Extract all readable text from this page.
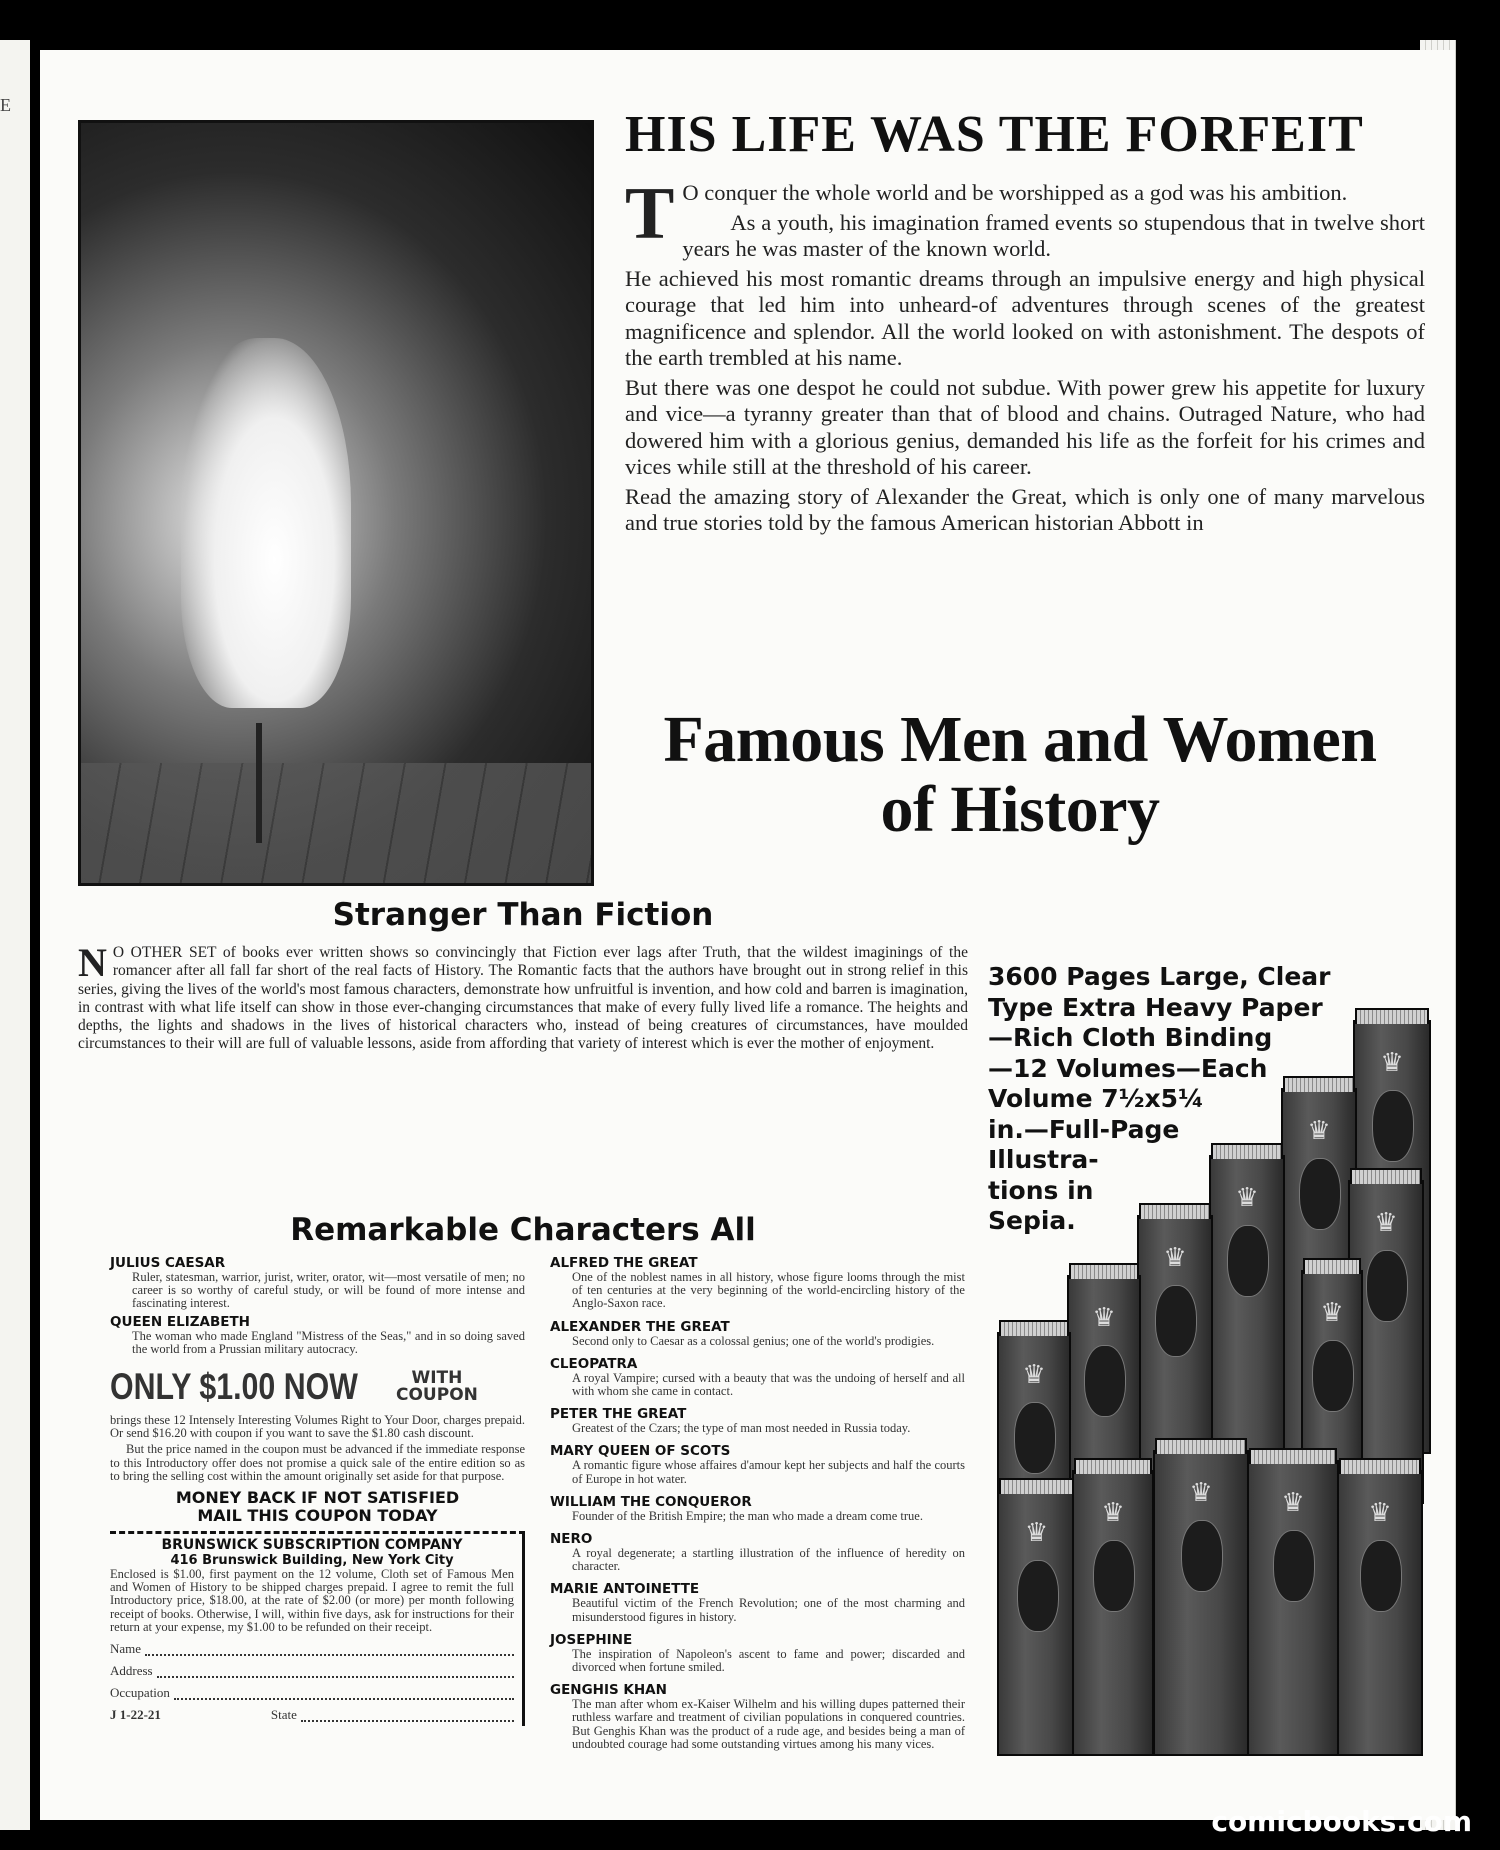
E
HIS LIFE WAS THE FORFEIT

T O conquer the whole world and be worshipped as a god was his ambition.

As a youth, his imagination framed events so stupendous that in twelve short years he was master of the known world.

He achieved his most romantic dreams through an impulsive energy and high physical courage that led him into unheard-of adventures through scenes of the greatest magnificence and splendor. All the world looked on with astonishment. The despots of the earth trembled at his name.

But there was one despot he could not subdue. With power grew his appetite for luxury and vice—a tyranny greater than that of blood and chains. Outraged Nature, who had dowered him with a glorious genius, demanded his life as the forfeit for his crimes and vices while still at the threshold of his career.

Read the amazing story of Alexander the Great, which is only one of many marvelous and true stories told by the famous American historian Abbott in

Famous Men and Women
of History
Stranger Than Fiction
N O OTHER SET of books ever written shows so convincingly that Fiction ever lags after Truth, that the wildest imaginings of the romancer after all fall far short of the real facts of History. The Romantic facts that the authors have brought out in strong relief in this series, giving the lives of the world's most famous characters, demonstrate how unfruitful is invention, and how cold and barren is imagination, in contrast with what life itself can show in those ever-changing circumstances that make of every fully lived life a romance. The heights and depths, the lights and shadows in the lives of historical characters who, instead of being creatures of circumstances, have moulded circumstances to their will are full of valuable lessons, aside from affording that variety of interest which is ever the mother of enjoyment.
Remarkable Characters All
JULIUS CAESAR
Ruler, statesman, warrior, jurist, writer, orator, wit—most versatile of men; no career is so worthy of careful study, or will be found of more intense and fascinating interest.
QUEEN ELIZABETH
The woman who made England "Mistress of the Seas," and in so doing saved the world from a Prussian military autocracy.
ONLY $1.00 NOW	WITH
COUPON
brings these 12 Intensely Interesting Volumes Right to Your Door, charges prepaid. Or send $16.20 with coupon if you want to save the $1.80 cash discount.
But the price named in the coupon must be advanced if the immediate response to this Introductory offer does not promise a quick sale of the entire edition so as to bring the selling cost within the amount originally set aside for that purpose.
MONEY BACK IF NOT SATISFIED
MAIL THIS COUPON TODAY
BRUNSWICK SUBSCRIPTION COMPANY
416 Brunswick Building, New York City
Enclosed is $1.00, first payment on the 12 volume, Cloth set of Famous Men and Women of History to be shipped charges prepaid. I agree to remit the full Introductory price, $18.00, at the rate of $2.00 (or more) per month following receipt of books. Otherwise, I will, within five days, ask for instructions for their return at your expense, my $1.00 to be refunded on their receipt.
Name
Address
Occupation
J 1-22-21	State
ALFRED THE GREAT
One of the noblest names in all history, whose figure looms through the mist of ten centuries at the very beginning of the world-encircling history of the Anglo-Saxon race.
ALEXANDER THE GREAT
Second only to Caesar as a colossal genius; one of the world's prodigies.
CLEOPATRA
A royal Vampire; cursed with a beauty that was the undoing of herself and all with whom she came in contact.
PETER THE GREAT
Greatest of the Czars; the type of man most needed in Russia today.
MARY QUEEN OF SCOTS
A romantic figure whose affaires d'amour kept her subjects and half the courts of Europe in hot water.
WILLIAM THE CONQUEROR
Founder of the British Empire; the man who made a dream come true.
NERO
A royal degenerate; a startling illustration of the influence of heredity on character.
MARIE ANTOINETTE
Beautiful victim of the French Revolution; one of the most charming and misunderstood figures in history.
JOSEPHINE
The inspiration of Napoleon's ascent to fame and power; discarded and divorced when fortune smiled.
GENGHIS KHAN
The man after whom ex-Kaiser Wilhelm and his willing dupes patterned their ruthless warfare and treatment of civilian populations in conquered countries. But Genghis Khan was the product of a rude age, and besides being a man of undoubted courage had some outstanding virtues among his many vices.
♛
♛
♛
♛
♛
♛
♛
♛
♛
♛
♛	♛ ♛
3600 Pages Large, Clear
Type Extra Heavy Paper
—Rich Cloth Binding
—12 Volumes—Each
Volume 7½x5¼
in.—Full-Page
Illustra-
tions in
Sepia.
comicbooks.com
